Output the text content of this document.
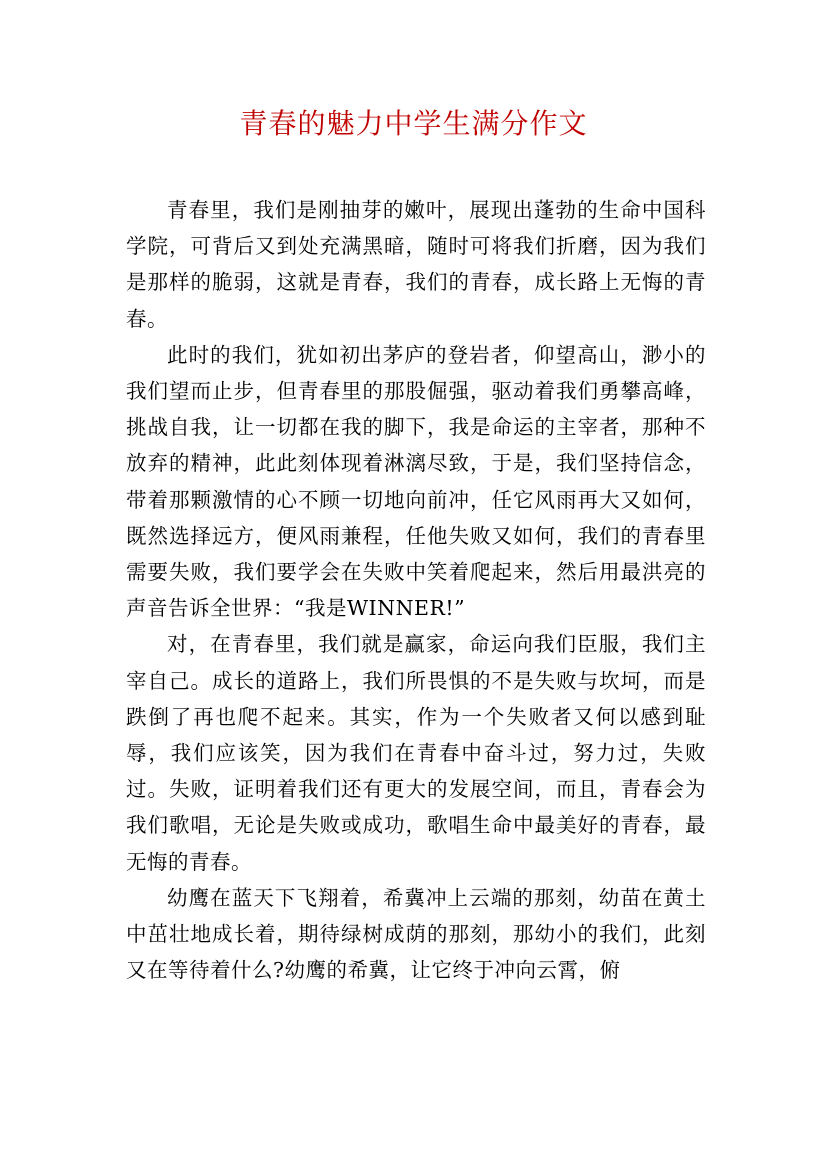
青春的魅力中学生满分作文

青春里，我们是刚抽芽的嫩叶，展现出蓬勃的生命中国科学院，可背后又到处充满黑暗，随时可将我们折磨，因为我们是那样的脆弱，这就是青春，我们的青春，成长路上无悔的青春。

此时的我们，犹如初出茅庐的登岩者，仰望高山，渺小的我们望而止步，但青春里的那股倔强，驱动着我们勇攀高峰，挑战自我，让一切都在我的脚下，我是命运的主宰者，那种不放弃的精神，此此刻体现着淋漓尽致，于是，我们坚持信念，带着那颗激情的心不顾一切地向前冲，任它风雨再大又如何，既然选择远方，便风雨兼程，任他失败又如何，我们的青春里需要失败，我们要学会在失败中笑着爬起来，然后用最洪亮的声音告诉全世界：“我是WINNER!”

对，在青春里，我们就是赢家，命运向我们臣服，我们主宰自己。成长的道路上，我们所畏惧的不是失败与坎坷，而是跌倒了再也爬不起来。其实，作为一个失败者又何以感到耻辱，我们应该笑，因为我们在青春中奋斗过，努力过，失败过。失败，证明着我们还有更大的发展空间，而且，青春会为我们歌唱，无论是失败或成功，歌唱生命中最美好的青春，最无悔的青春。

幼鹰在蓝天下飞翔着，希冀冲上云端的那刻，幼苗在黄土中茁壮地成长着，期待绿树成荫的那刻，那幼小的我们，此刻又在等待着什么?幼鹰的希冀，让它终于冲向云霄，俯
